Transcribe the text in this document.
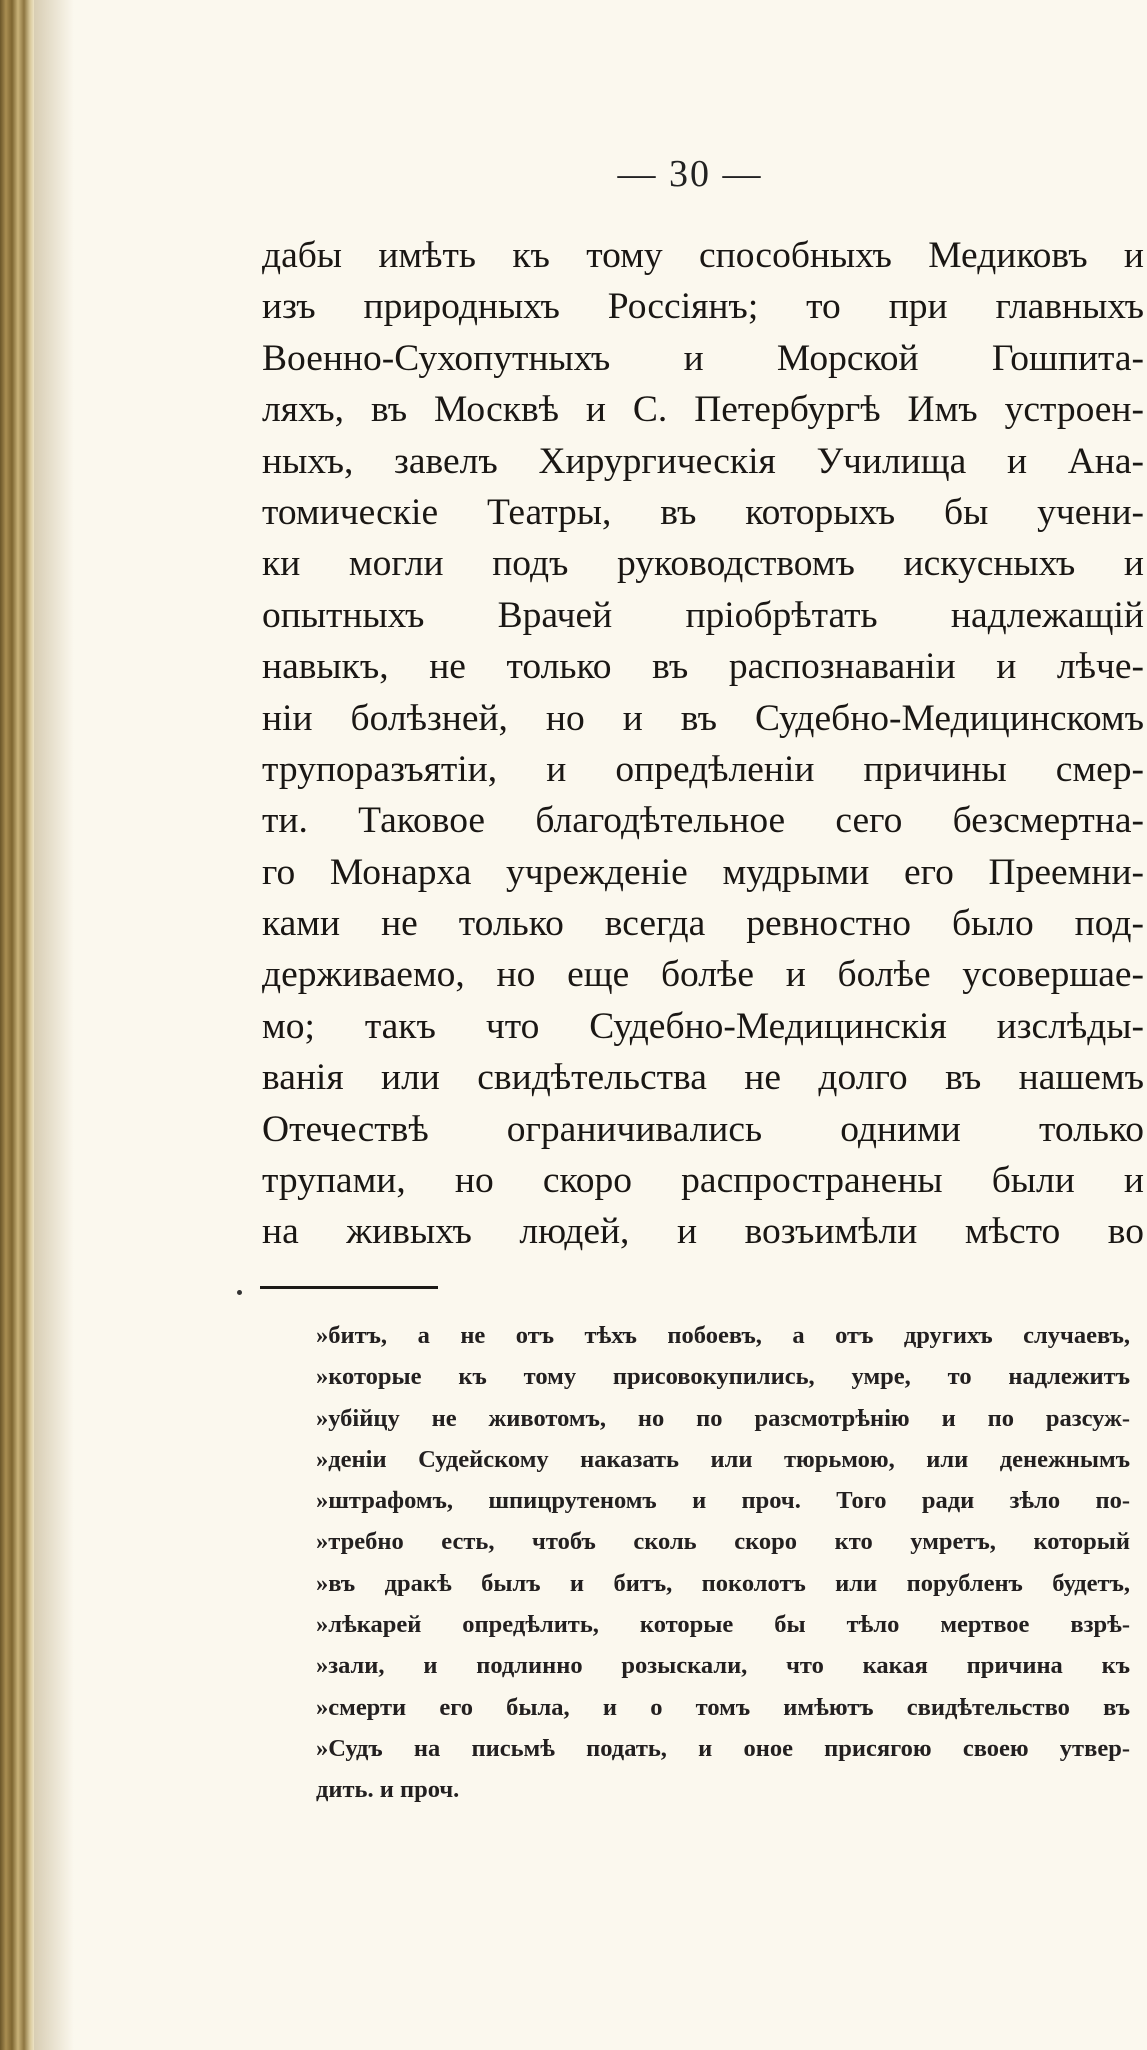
— 30 —
дабы имѣть къ тому способныхъ Медиковъ и
изъ природныхъ Россіянъ; то при главныхъ
Военно-Сухопутныхъ и Морской Гошпита-
ляхъ, въ Москвѣ и С. Петербургѣ Имъ устроен-
ныхъ, завелъ Хирургическія Училища и Ана-
томическіе Театры, въ которыхъ бы учени-
ки могли подъ руководствомъ искусныхъ и
опытныхъ Врачей пріобрѣтать надлежащій
навыкъ, не только въ распознаваніи и лѣче-
ніи болѣзней, но и въ Судебно-Медицинскомъ
трупоразъятіи, и опредѣленіи причины смер-
ти. Таковое благодѣтельное сего безсмертна-
го Монарха учрежденіе мудрыми его Преемни-
ками не только всегда ревностно было под-
держиваемо, но еще болѣе и болѣе усовершае-
мо; такъ что Судебно-Медицинскія изслѣды-
ванія или свидѣтельства не долго въ нашемъ
Отечествѣ ограничивались одними только
трупами, но скоро распространены были и
на живыхъ людей, и возъимѣли мѣсто во
»битъ, а не отъ тѣхъ побоевъ, а отъ другихъ случаевъ,
»которые къ тому присовокупились, умре, то надлежитъ
»убійцу не животомъ, но по разсмотрѣнію и по разсуж-
»деніи Судейскому наказать или тюрьмою, или денежнымъ
»штрафомъ, шпицрутеномъ и проч. Того ради зѣло по-
»требно есть, чтобъ сколь скоро кто умретъ, который
»въ дракѣ былъ и битъ, поколотъ или порубленъ будетъ,
»лѣкарей опредѣлить, которые бы тѣло мертвое взрѣ-
»зали, и подлинно розыскали, что какая причина къ
»смерти его была, и о томъ имѣютъ свидѣтельство въ
»Судъ на письмѣ подать, и оное присягою своею утвер-
дить. и проч.
